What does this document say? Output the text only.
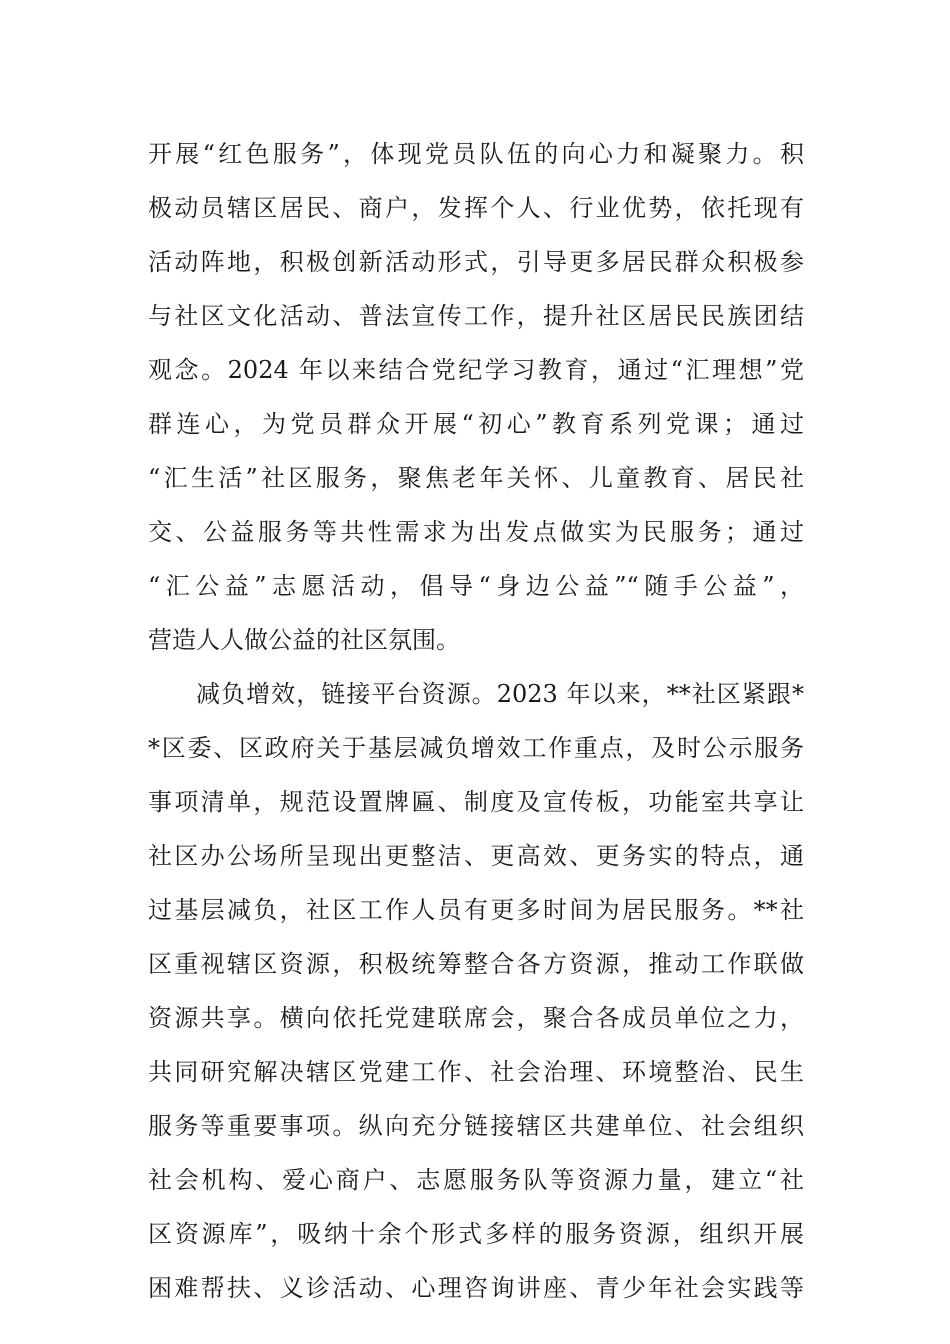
开展“红色服务”，体现党员队伍的向心力和凝聚力。积
极动员辖区居民、商户，发挥个人、行业优势，依托现有
活动阵地，积极创新活动形式，引导更多居民群众积极参
与社区文化活动、普法宣传工作，提升社区居民民族团结
观念。2024 年以来结合党纪学习教育，通过“汇理想”党
群连心，为党员群众开展“初心”教育系列党课；通过
“汇生活”社区服务，聚焦老年关怀、儿童教育、居民社
交、公益服务等共性需求为出发点做实为民服务；通过
“汇公益”志愿活动，倡导“身边公益”“随手公益”，
营造人人做公益的社区氛围。
减负增效，链接平台资源。2023 年以来，**社区紧跟*
*区委、区政府关于基层减负增效工作重点，及时公示服务
事项清单，规范设置牌匾、制度及宣传板，功能室共享让
社区办公场所呈现出更整洁、更高效、更务实的特点，通
过基层减负，社区工作人员有更多时间为居民服务。**社
区重视辖区资源，积极统筹整合各方资源，推动工作联做
资源共享。横向依托党建联席会，聚合各成员单位之力，
共同研究解决辖区党建工作、社会治理、环境整治、民生
服务等重要事项。纵向充分链接辖区共建单位、社会组织
社会机构、爱心商户、志愿服务队等资源力量，建立“社
区资源库”，吸纳十余个形式多样的服务资源，组织开展
困难帮扶、义诊活动、心理咨询讲座、青少年社会实践等
